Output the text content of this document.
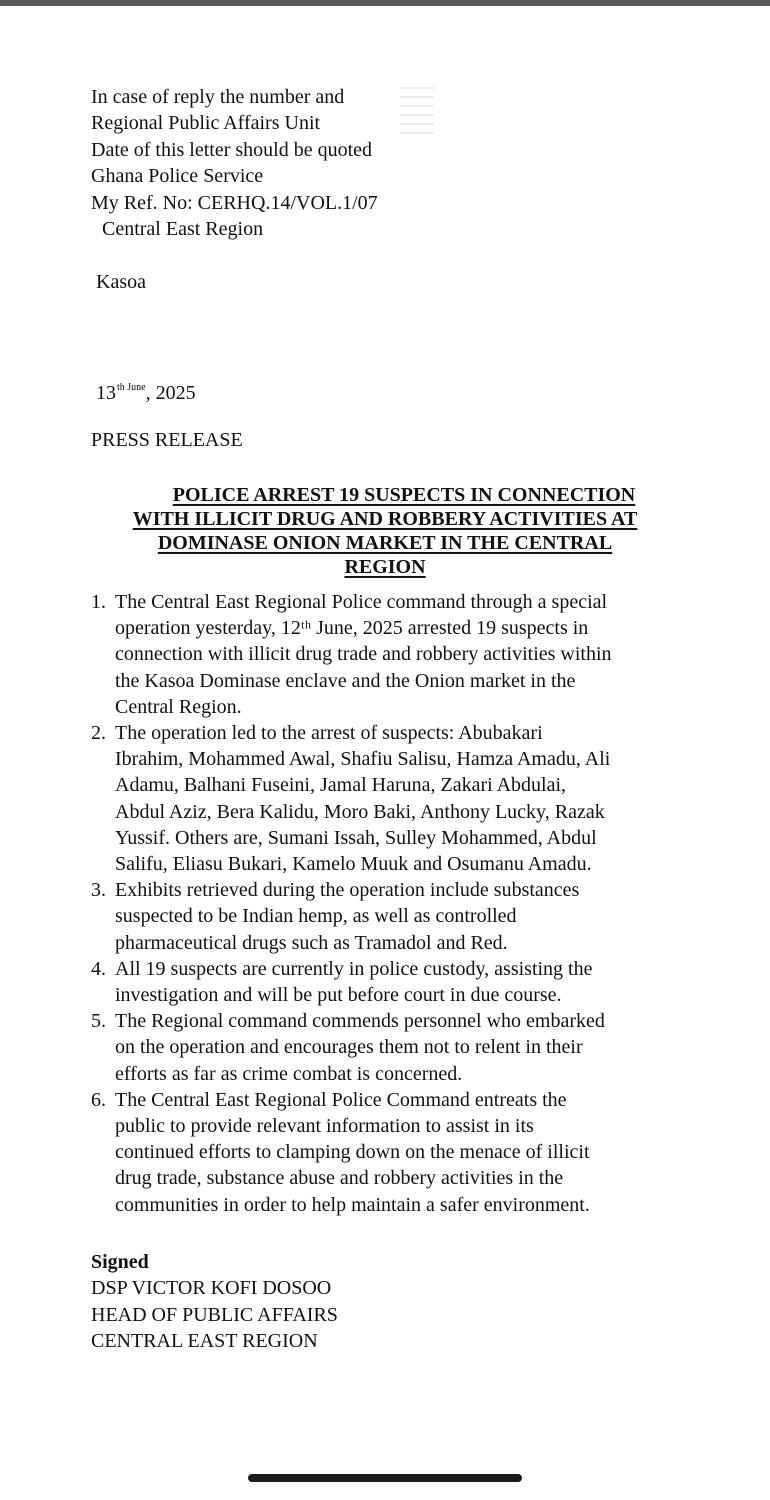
In case of reply the number and
Regional Public Affairs Unit
Date of this letter should be quoted
Ghana Police Service
My Ref. No: CERHQ.14/VOL.1/07
Central East Region
Kasoa
$13^{th June}$, 2025
PRESS RELEASE
POLICE ARREST 19 SUSPECTS IN CONNECTION
WITH ILLICIT DRUG AND ROBBERY ACTIVITIES AT
DOMINASE ONION MARKET IN THE CENTRAL
REGION
1. The Central East Regional Police command through a special
operation yesterday, 12ᵗʰ June, 2025 arrested 19 suspects in
connection with illicit drug trade and robbery activities within
the Kasoa Dominase enclave and the Onion market in the
Central Region.
2. The operation led to the arrest of suspects: Abubakari
Ibrahim, Mohammed Awal, Shafiu Salisu, Hamza Amadu, Ali
Adamu, Balhani Fuseini, Jamal Haruna, Zakari Abdulai,
Abdul Aziz, Bera Kalidu, Moro Baki, Anthony Lucky, Razak
Yussif. Others are, Sumani Issah, Sulley Mohammed, Abdul
Salifu, Eliasu Bukari, Kamelo Muuk and Osumanu Amadu.
3. Exhibits retrieved during the operation include substances
suspected to be Indian hemp, as well as controlled
pharmaceutical drugs such as Tramadol and Red.
4. All 19 suspects are currently in police custody, assisting the
investigation and will be put before court in due course.
5. The Regional command commends personnel who embarked
on the operation and encourages them not to relent in their
efforts as far as crime combat is concerned.
6. The Central East Regional Police Command entreats the
public to provide relevant information to assist in its
continued efforts to clamping down on the menace of illicit
drug trade, substance abuse and robbery activities in the
communities in order to help maintain a safer environment.
Signed
DSP VICTOR KOFI DOSOO
HEAD OF PUBLIC AFFAIRS
CENTRAL EAST REGION
